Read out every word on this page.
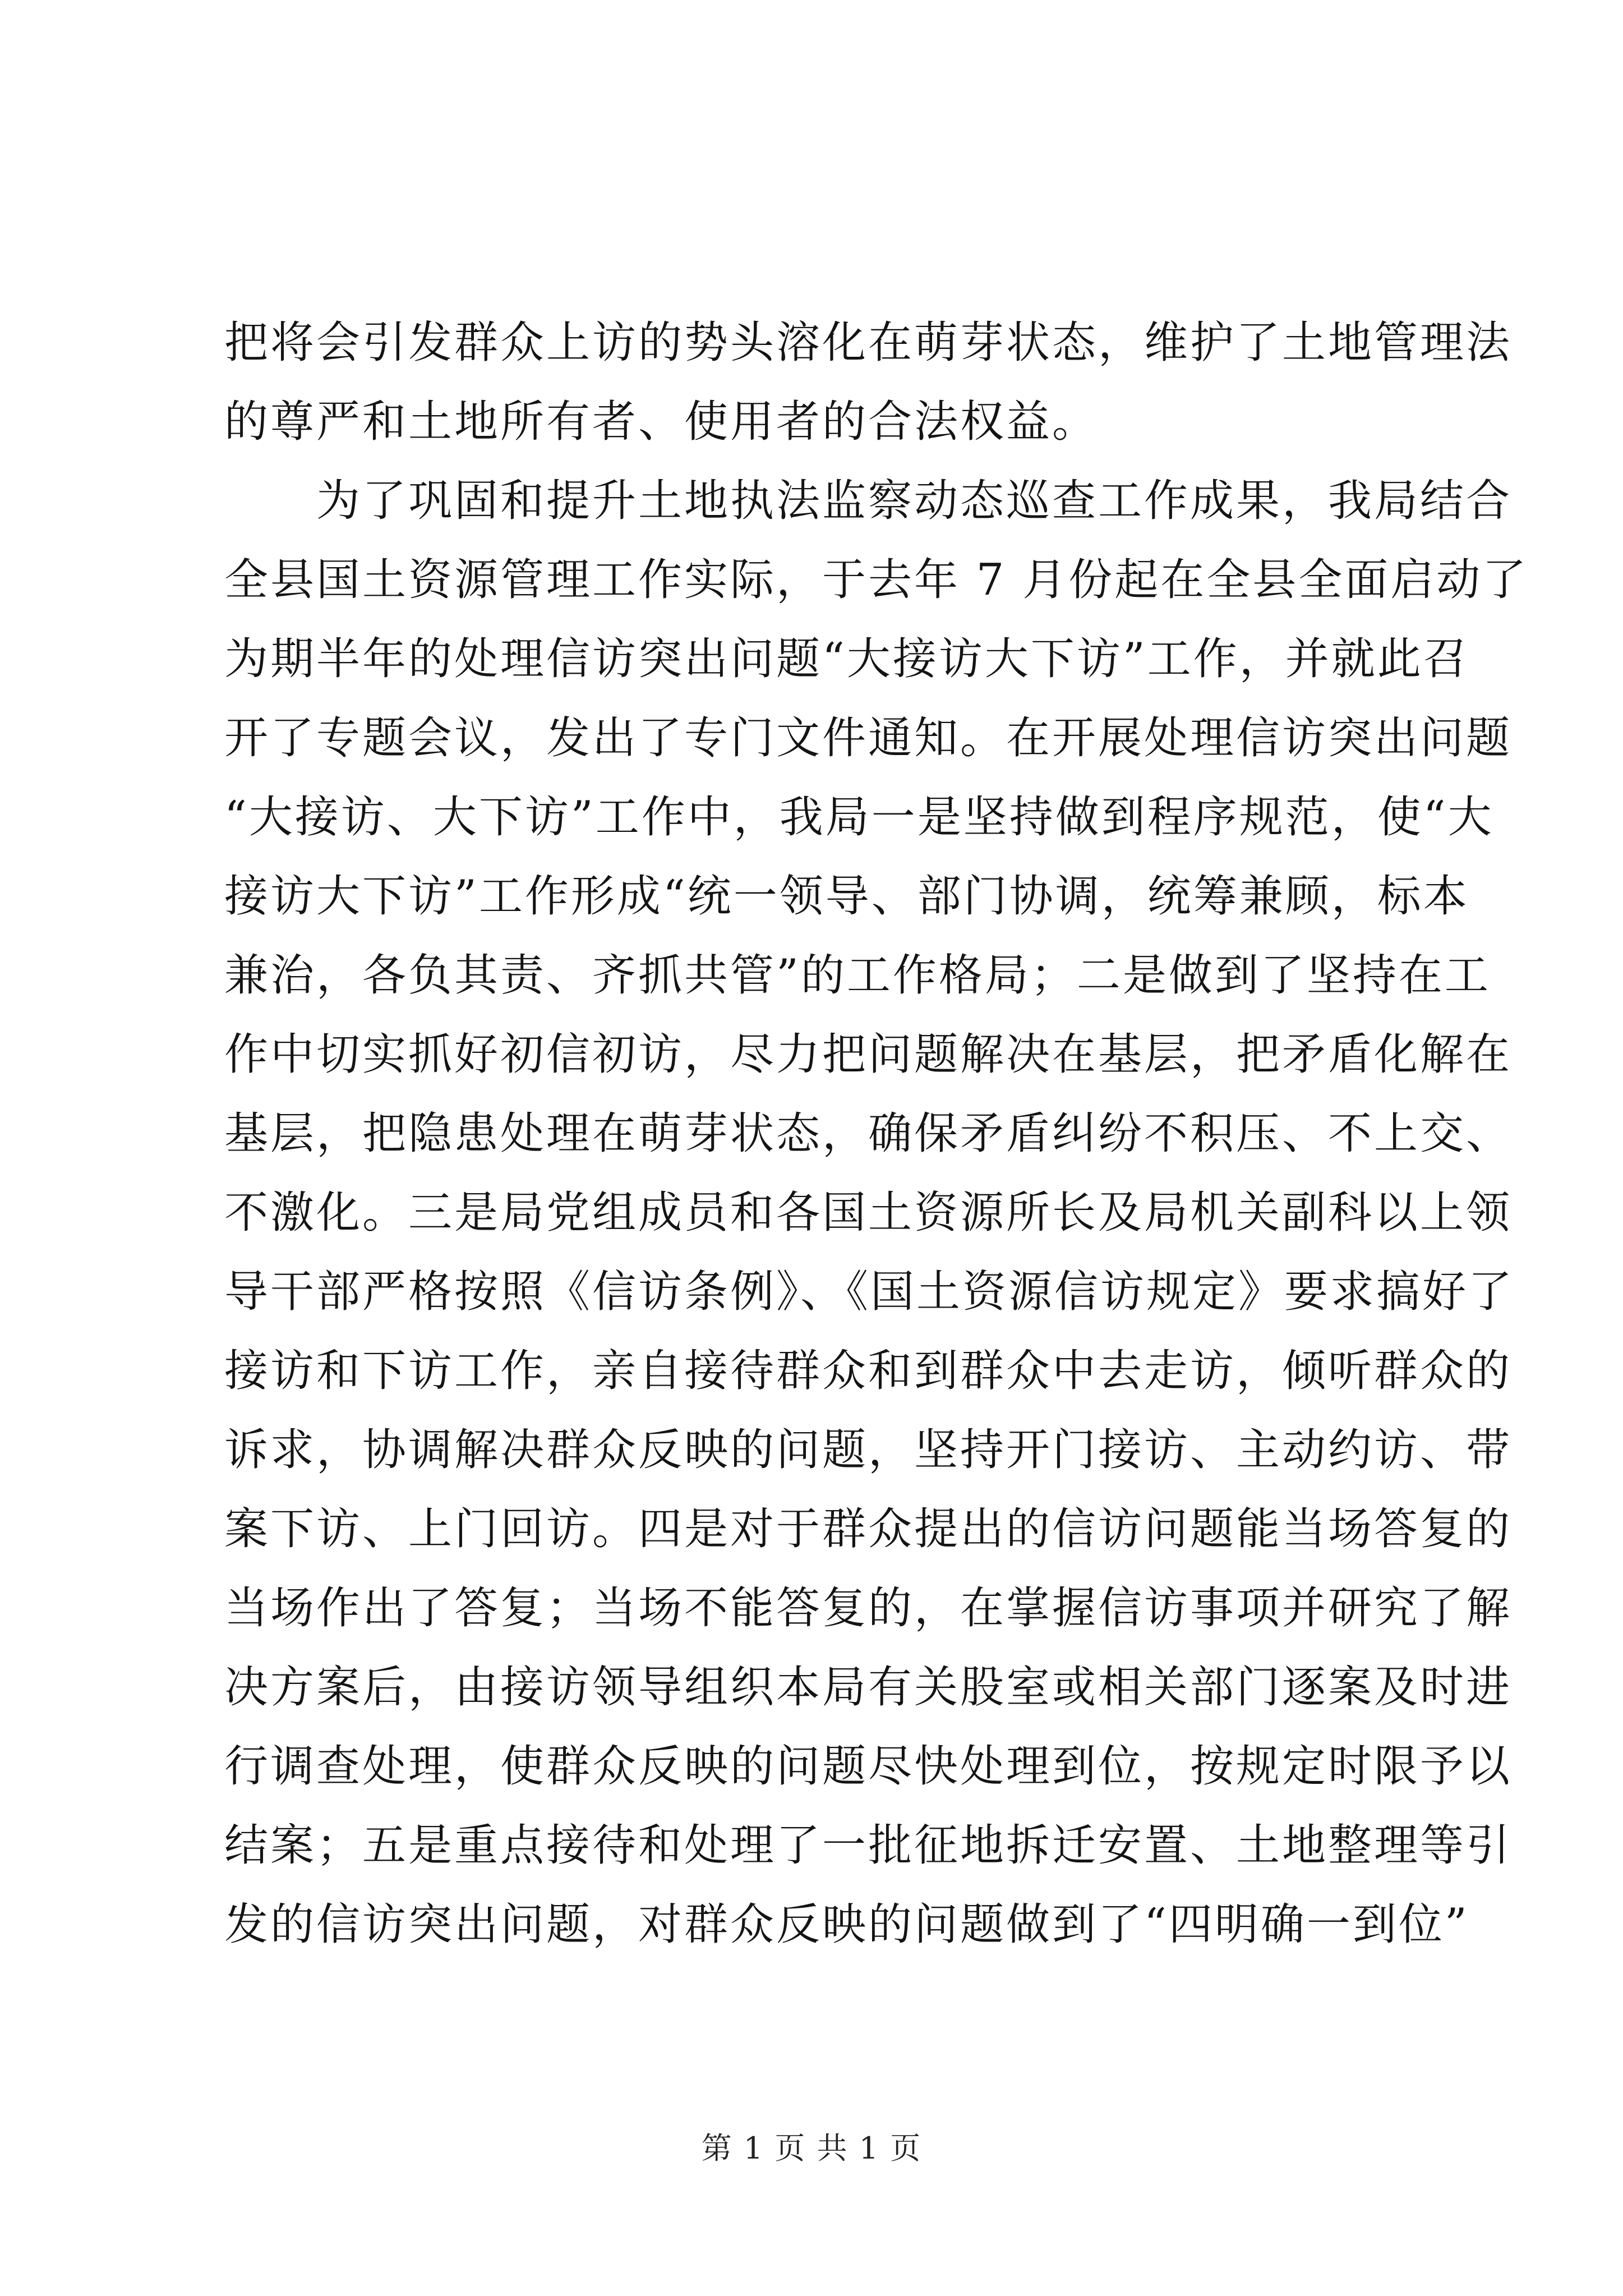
把将会引发群众上访的势头溶化在萌芽状态，维护了土地管理法
的尊严和土地所有者、使用者的合法权益。
为了巩固和提升土地执法监察动态巡查工作成果，我局结合
全县国土资源管理工作实际，于去年 7 月份起在全县全面启动了
为期半年的处理信访突出问题“大接访大下访”工作，并就此召
开了专题会议，发出了专门文件通知。在开展处理信访突出问题
“大接访、大下访”工作中，我局一是坚持做到程序规范，使“大
接访大下访”工作形成“统一领导、部门协调，统筹兼顾，标本
兼治，各负其责、齐抓共管”的工作格局；二是做到了坚持在工
作中切实抓好初信初访，尽力把问题解决在基层，把矛盾化解在
基层，把隐患处理在萌芽状态，确保矛盾纠纷不积压、不上交、
不激化。三是局党组成员和各国土资源所长及局机关副科以上领
导干部严格按照《信访条例》、《国土资源信访规定》要求搞好了
接访和下访工作，亲自接待群众和到群众中去走访，倾听群众的
诉求，协调解决群众反映的问题，坚持开门接访、主动约访、带
案下访、上门回访。四是对于群众提出的信访问题能当场答复的
当场作出了答复；当场不能答复的，在掌握信访事项并研究了解
决方案后，由接访领导组织本局有关股室或相关部门逐案及时进
行调查处理，使群众反映的问题尽快处理到位，按规定时限予以
结案；五是重点接待和处理了一批征地拆迁安置、土地整理等引
发的信访突出问题，对群众反映的问题做到了“四明确一到位”
第 1 页 共 1 页
